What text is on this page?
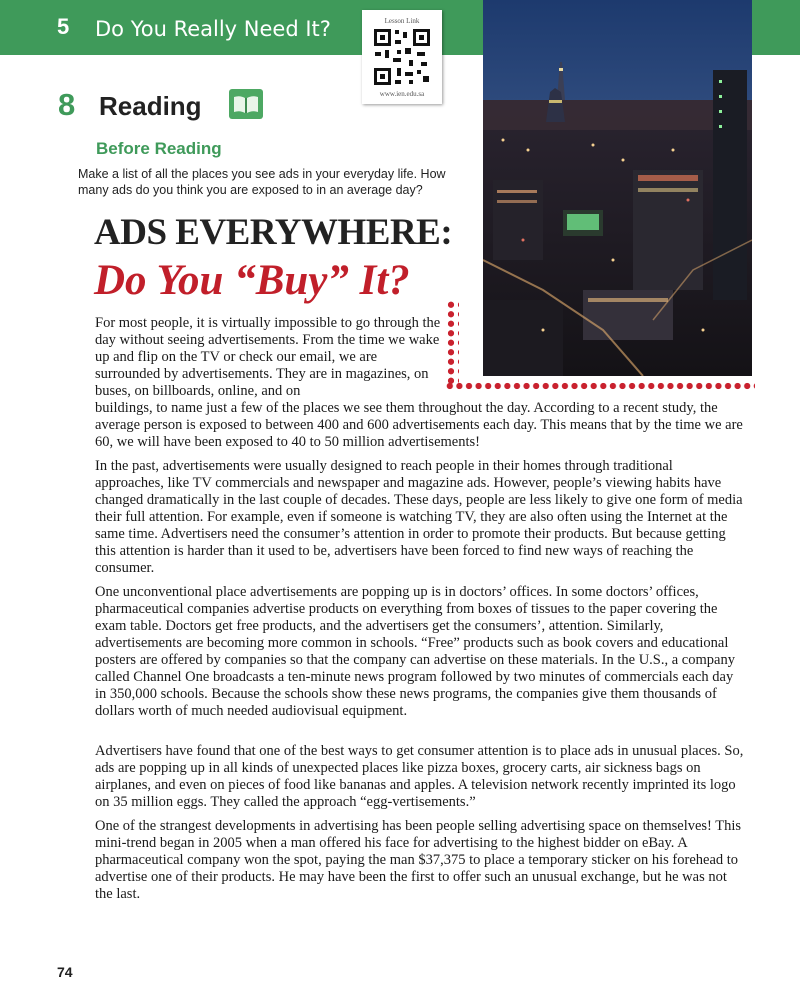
5 Do You Really Need It?	Lesson Link
www.ien.edu.sa
8 Reading
Before Reading
Make a list of all the places you see ads in your everyday life. How many ads do you think you are exposed to in an average day?
ADS EVERYWHERE:
Do You “Buy” It?

For most people, it is virtually impossible to go through the day without seeing advertisements. From the time we wake up and flip on the TV or check our email, we are surrounded by advertisements. They are in magazines, on buses, on billboards, online, and on

buildings, to name just a few of the places we see them throughout the day. According to a recent study, the average person is exposed to between 400 and 600 advertisements each day. This means that by the time we are 60, we will have been exposed to 40 to 50 million advertisements!

In the past, advertisements were usually designed to reach people in their homes through traditional approaches, like TV commercials and newspaper and magazine ads. However, people’s viewing habits have changed dramatically in the last couple of decades. These days, people are less likely to give one form of media their full attention. For example, even if someone is watching TV, they are also often using the Internet at the same time. Advertisers need the consumer’s attention in order to promote their products. But because getting this attention is harder than it used to be, advertisers have been forced to find new ways of reaching the consumer.

One unconventional place advertisements are popping up is in doctors’ offices. In some doctors’ offices, pharmaceutical companies advertise products on everything from boxes of tissues to the paper covering the exam table. Doctors get free products, and the advertisers get the consumers’, attention. Similarly, advertisements are becoming more common in schools. “Free” products such as book covers and educational posters are offered by companies so that the company can advertise on these materials. In the U.S., a company called Channel One broadcasts a ten-minute news program followed by two minutes of commercials each day in 350,000 schools. Because the schools show these news programs, the companies give them thousands of dollars worth of much needed audiovisual equipment.

Advertisers have found that one of the best ways to get consumer attention is to place ads in unusual places. So, ads are popping up in all kinds of unexpected places like pizza boxes, grocery carts, air sickness bags on airplanes, and even on pieces of food like bananas and apples. A television network recently imprinted its logo on 35 million eggs. They called the approach “egg-vertisements.”

One of the strangest developments in advertising has been people selling advertising space on themselves! This mini-trend began in 2005 when a man offered his face for advertising to the highest bidder on eBay. A pharmaceutical company won the spot, paying the man $37,375 to place a temporary sticker on his forehead to advertise one of their products. He may have been the first to offer such an unusual exchange, but he was not the last.

74
